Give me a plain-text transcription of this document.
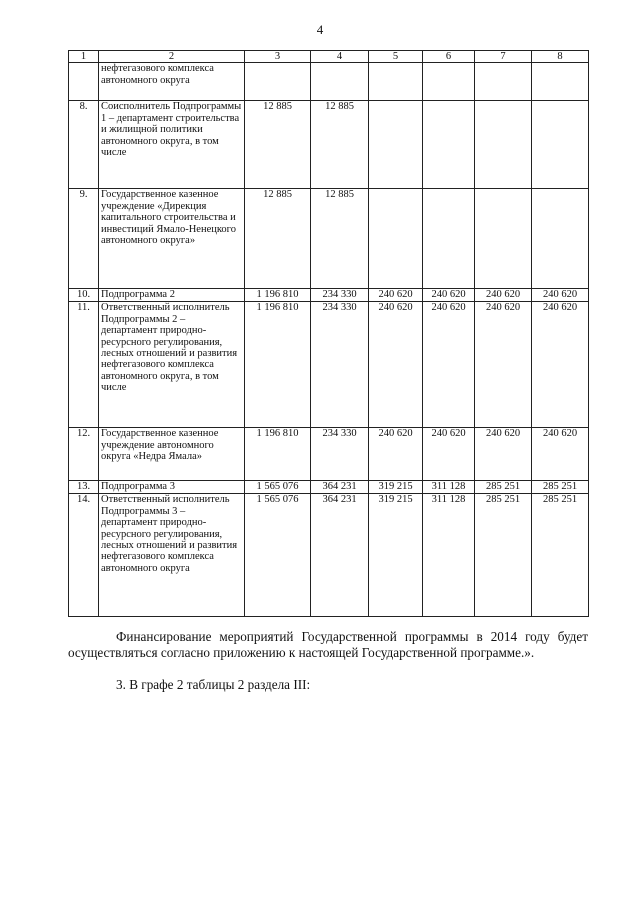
4
1	2	3	4	5	6	7	8
	нефтегазового комплекса автономного округа						
8.	Соисполнитель Подпрограммы 1 – департамент строительства и жилищной политики автономного округа, в том числе	12 885	12 885				
9.	Государственное казенное учреждение «Дирекция капитального строительства и инвестиций Ямало-Ненецкого автономного округа»	12 885	12 885				
10.	Подпрограмма 2	1 196 810	234 330	240 620	240 620	240 620	240 620
11.	Ответственный исполнитель Подпрограммы 2 – департамент природно-ресурсного регулирования, лесных отношений и развития нефтегазового комплекса автономного округа, в том числе	1 196 810	234 330	240 620	240 620	240 620	240 620
12.	Государственное казенное учреждение автономного округа «Недра Ямала»	1 196 810	234 330	240 620	240 620	240 620	240 620
13.	Подпрограмма 3	1 565 076	364 231	319 215	311 128	285 251	285 251
14.	Ответственный исполнитель Подпрограммы 3 – департамент природно-ресурсного регулирования, лесных отношений и развития нефтегазового комплекса автономного округа	1 565 076	364 231	319 215	311 128	285 251	285 251
Финансирование мероприятий Государственной программы в 2014 году будет осуществляться согласно приложению к настоящей Государственной программе.».
3. В графе 2 таблицы 2 раздела III:
